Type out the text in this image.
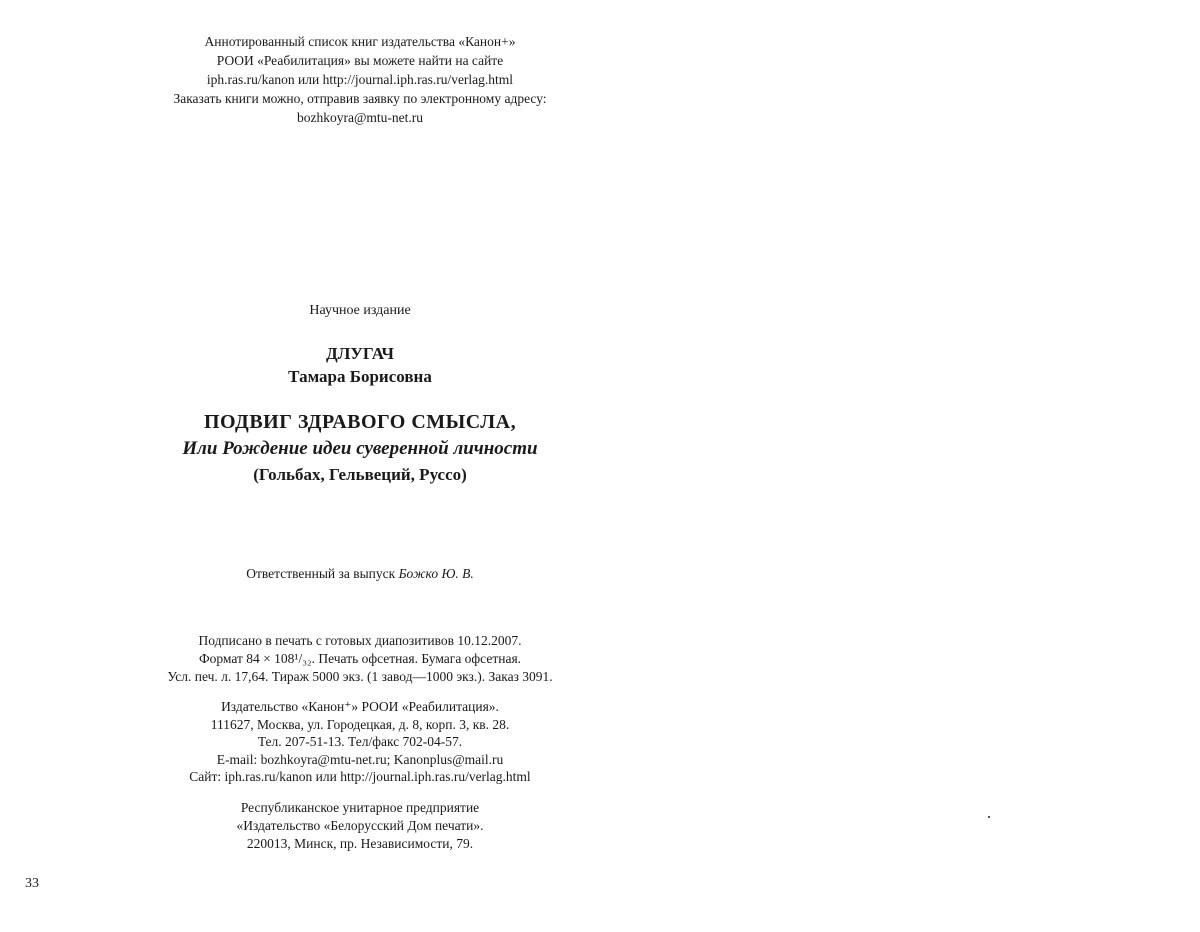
Аннотированный список книг издательства «Канон+»
РООИ «Реабилитация» вы можете найти на сайте
iph.ras.ru/kanon или http://journal.iph.ras.ru/verlag.html
Заказать книги можно, отправив заявку по электронному адресу:
bozhkoyra@mtu-net.ru
Научное издание
ДЛУГАЧ
Тамара Борисовна
ПОДВИГ ЗДРАВОГО СМЫСЛА,
Или Рождение идеи суверенной личности
(Гольбах, Гельвеций, Руссо)
Ответственный за выпуск Божко Ю. В.
Подписано в печать с готовых диапозитивов 10.12.2007.
Формат 84 × 108¹/₃₂. Печать офсетная. Бумага офсетная.
Усл. печ. л. 17,64. Тираж 5000 экз. (1 завод—1000 экз.). Заказ 3091.
Издательство «Канон⁺» РООИ «Реабилитация».
111627, Москва, ул. Городецкая, д. 8, корп. 3, кв. 28.
Тел. 207-51-13. Тел/факс 702-04-57.
E-mail: bozhkoyra@mtu-net.ru; Kanonplus@mail.ru
Сайт: iph.ras.ru/kanon или http://journal.iph.ras.ru/verlag.html
Республиканское унитарное предприятие
«Издательство «Белорусский Дом печати».
220013, Минск, пр. Независимости, 79.
33
